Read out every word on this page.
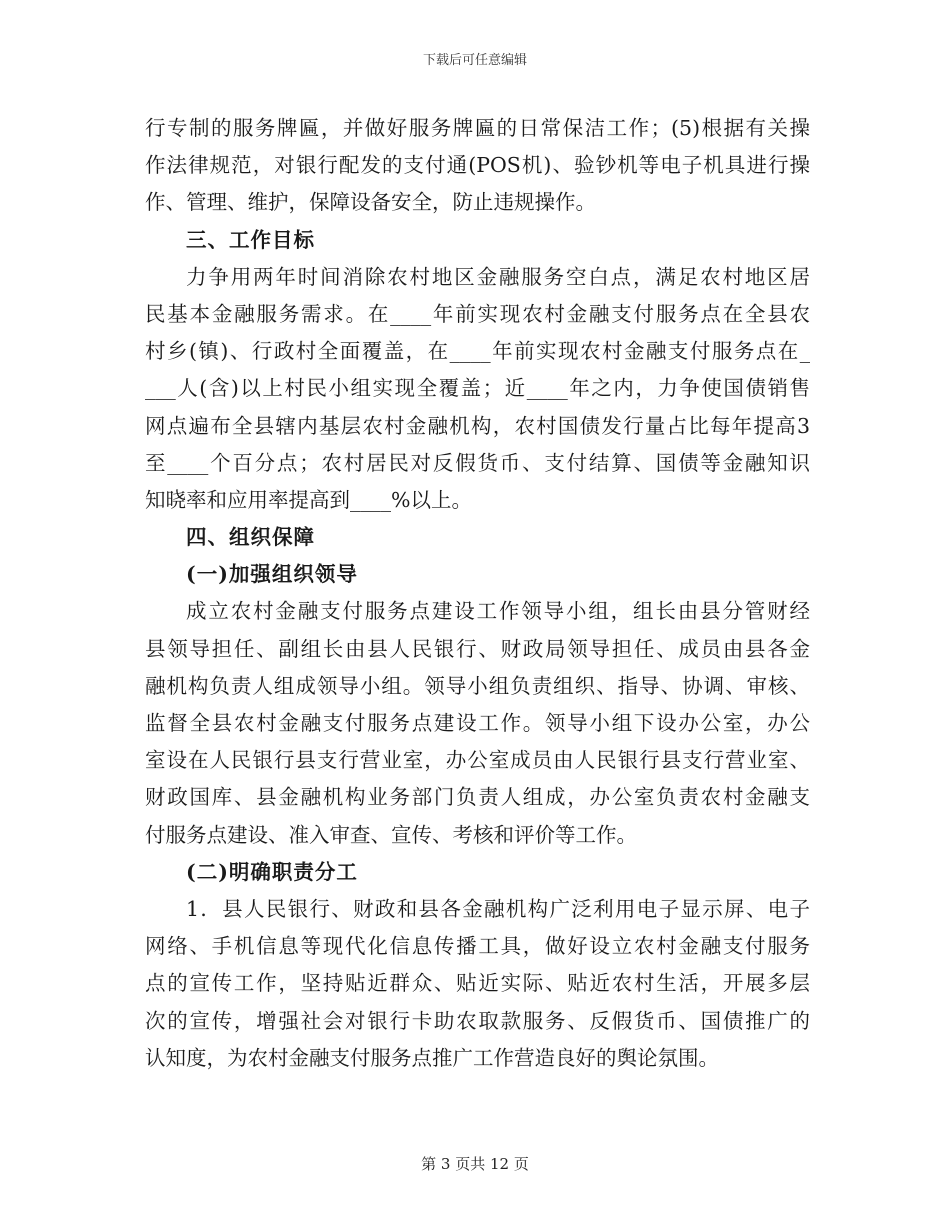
下载后可任意编辑
行专制的服务牌匾，并做好服务牌匾的日常保洁工作；(5)根据有关操
作法律规范，对银行配发的支付通(POS机)、验钞机等电子机具进行操
作、管理、维护，保障设备安全，防止违规操作。
三、工作目标
力争用两年时间消除农村地区金融服务空白点，满足农村地区居
民基本金融服务需求。在____年前实现农村金融支付服务点在全县农
村乡(镇)、行政村全面覆盖，在____年前实现农村金融支付服务点在_
___人(含)以上村民小组实现全覆盖；近____年之内，力争使国债销售
网点遍布全县辖内基层农村金融机构，农村国债发行量占比每年提高3
至____个百分点；农村居民对反假货币、支付结算、国债等金融知识
知晓率和应用率提高到____%以上。
四、组织保障
(一)加强组织领导
成立农村金融支付服务点建设工作领导小组，组长由县分管财经
县领导担任、副组长由县人民银行、财政局领导担任、成员由县各金
融机构负责人组成领导小组。领导小组负责组织、指导、协调、审核、
监督全县农村金融支付服务点建设工作。领导小组下设办公室，办公
室设在人民银行县支行营业室，办公室成员由人民银行县支行营业室、
财政国库、县金融机构业务部门负责人组成，办公室负责农村金融支
付服务点建设、准入审查、宣传、考核和评价等工作。
(二)明确职责分工
1．县人民银行、财政和县各金融机构广泛利用电子显示屏、电子
网络、手机信息等现代化信息传播工具，做好设立农村金融支付服务
点的宣传工作，坚持贴近群众、贴近实际、贴近农村生活，开展多层
次的宣传，增强社会对银行卡助农取款服务、反假货币、国债推广的
认知度，为农村金融支付服务点推广工作营造良好的舆论氛围。
第 3 页共 12 页
